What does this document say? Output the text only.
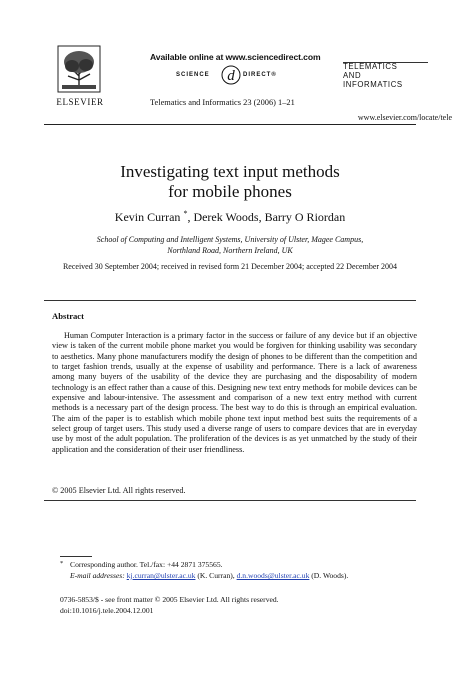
ELSEVIER
Available online at www.sciencedirect.com
SCIENCE d DIRECT®
Telematics and Informatics 23 (2006) 1–21
TELEMATICS
AND
INFORMATICS
www.elsevier.com/locate/tele
Investigating text input methods
for mobile phones
Kevin Curran *, Derek Woods, Barry O Riordan
School of Computing and Intelligent Systems, University of Ulster, Magee Campus,
Northland Road, Northern Ireland, UK
Received 30 September 2004; received in revised form 21 December 2004; accepted 22 December 2004
Abstract

Human Computer Interaction is a primary factor in the success or failure of any device but if an objective view is taken of the current mobile phone market you would be forgiven for thinking usability was secondary to aesthetics. Many phone manufacturers modify the design of phones to be different than the competition and to target fashion trends, usually at the expense of usability and performance. There is a lack of awareness among many buyers of the usability of the device they are purchasing and the disposability of modern technology is an effect rather than a cause of this. Designing new text entry methods for mobile devices can be expensive and labour-intensive. The assessment and comparison of a new text entry method with current methods is a necessary part of the design process. The best way to do this is through an empirical evaluation. The aim of the paper is to establish which mobile phone text input method best suits the requirements of a select group of target users. This study used a diverse range of users to compare devices that are in everyday use by most of the adult population. The proliferation of the devices is as yet unmatched by the study of their application and the consideration of their user friendliness.

© 2005 Elsevier Ltd. All rights reserved.
* Corresponding author. Tel./fax: +44 2871 375565.
E-mail addresses: kj.curran@ulster.ac.uk (K. Curran), d.n.woods@ulster.ac.uk (D. Woods).
0736-5853/$ - see front matter © 2005 Elsevier Ltd. All rights reserved.
doi:10.1016/j.tele.2004.12.001
